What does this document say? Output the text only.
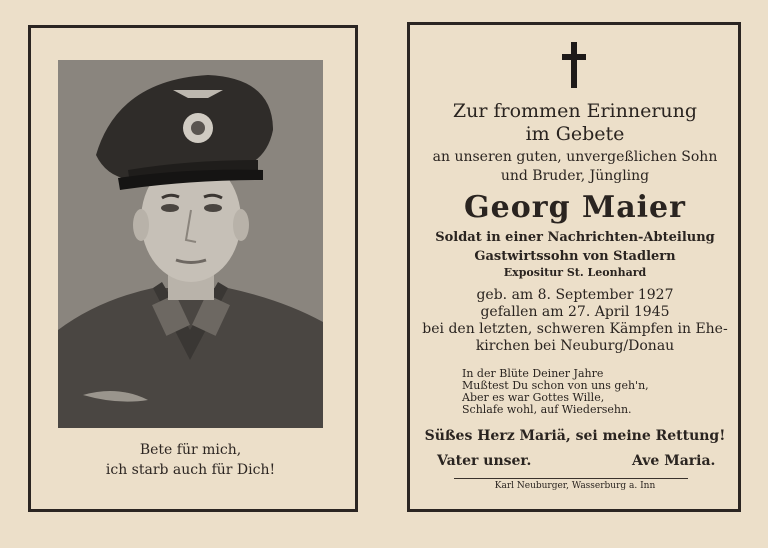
Bete für mich,
ich starb auch für Dich!
Zur frommen Erinnerung
im Gebete
an unseren guten, unvergeßlichen Sohn
und Bruder, Jüngling
Georg Maier
Soldat in einer Nachrichten-Abteilung
Gastwirtssohn von Stadlern
Expositur St. Leonhard
geb. am 8. September 1927
gefallen am 27. April 1945
bei den letzten, schweren Kämpfen in Ehe-
kirchen bei Neuburg/Donau
In der Blüte Deiner Jahre
Mußtest Du schon von uns geh'n,
Aber es war Gottes Wille,
Schlafe wohl, auf Wiedersehn.
Süßes Herz Mariä, sei meine Rettung!
Vater unser.	Ave Maria.
Karl Neuburger, Wasserburg a. Inn
